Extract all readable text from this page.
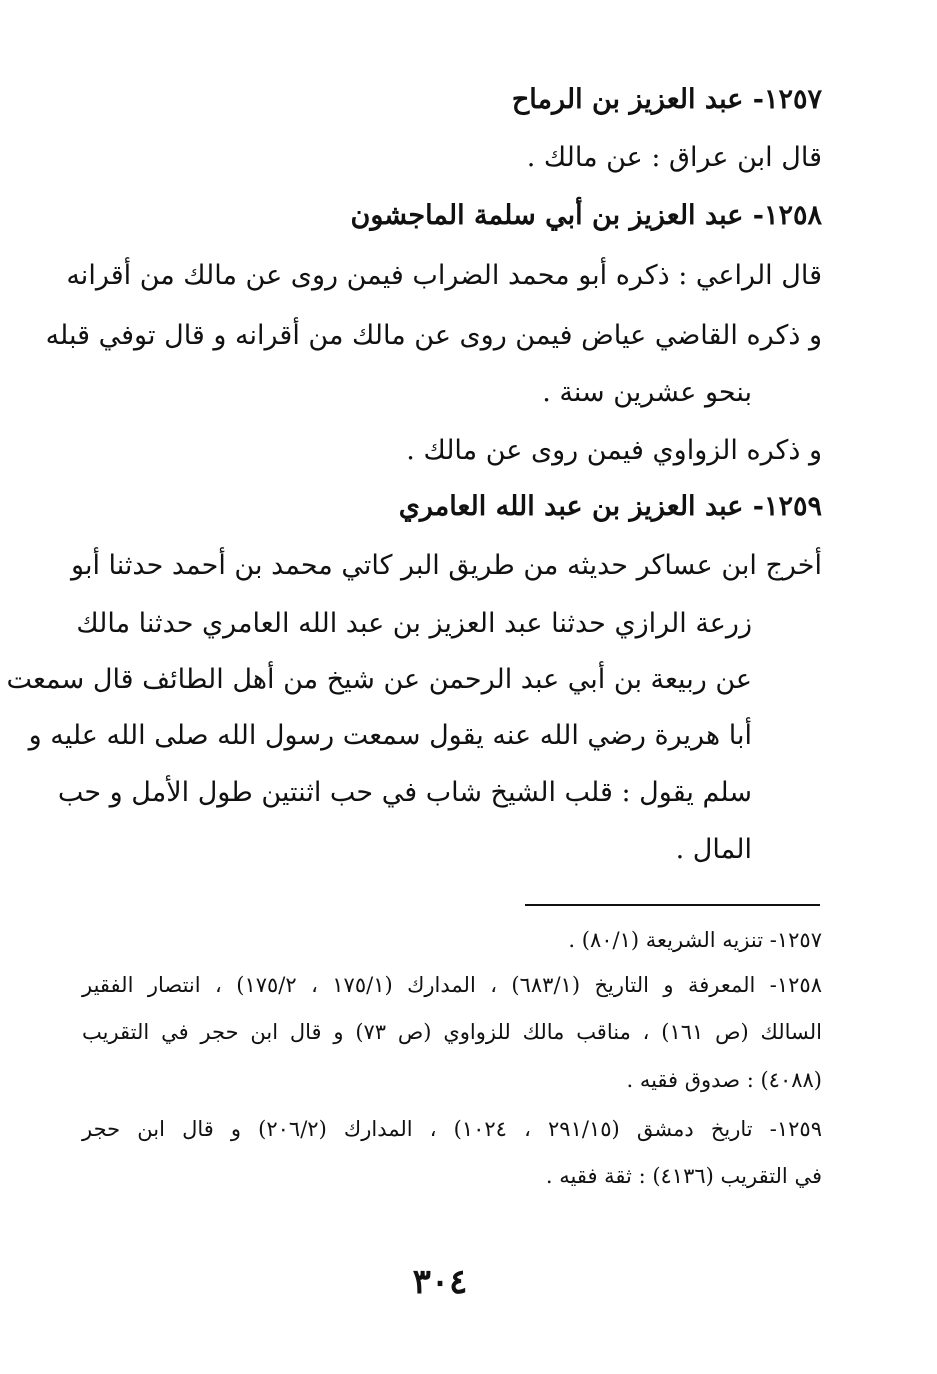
١٢٥٧- عبد العزيز بن الرماح
قال ابن عراق : عن مالك .
١٢٥٨- عبد العزيز بن أبي سلمة الماجشون
قال الراعي : ذكره أبو محمد الضراب فيمن روى عن مالك من أقرانه
و ذكره القاضي عياض فيمن روى عن مالك من أقرانه و قال توفي قبله
بنحو عشرين سنة .
و ذكره الزواوي فيمن روى عن مالك .
١٢٥٩- عبد العزيز بن عبد الله العامري
أخرج ابن عساكر حديثه من طريق البر كاتي محمد بن أحمد حدثنا أبو
زرعة الرازي حدثنا عبد العزيز بن عبد الله العامري حدثنا مالك
عن ربيعة بن أبي عبد الرحمن عن شيخ من أهل الطائف قال سمعت
أبا هريرة رضي الله عنه يقول سمعت رسول الله صلى الله عليه و
سلم يقول : قلب الشيخ شاب في حب اثنتين طول الأمل و حب
المال .
١٢٥٧- تنزيه الشريعة (٨٠/١) .
١٢٥٨- المعرفة و التاريخ (٦٨٣/١) ، المدارك (١٧٥/١ ، ١٧٥/٢) ، انتصار الفقير
السالك (ص ١٦١) ، مناقب مالك للزواوي (ص ٧٣) و قال ابن حجر في التقريب
(٤٠٨٨) : صدوق فقيه .
١٢٥٩- تاريخ دمشق (٢٩١/١٥ ، ١٠٢٤) ، المدارك (٢٠٦/٢) و قال ابن حجر
في التقريب (٤١٣٦) : ثقة فقيه .
٣٠٤
